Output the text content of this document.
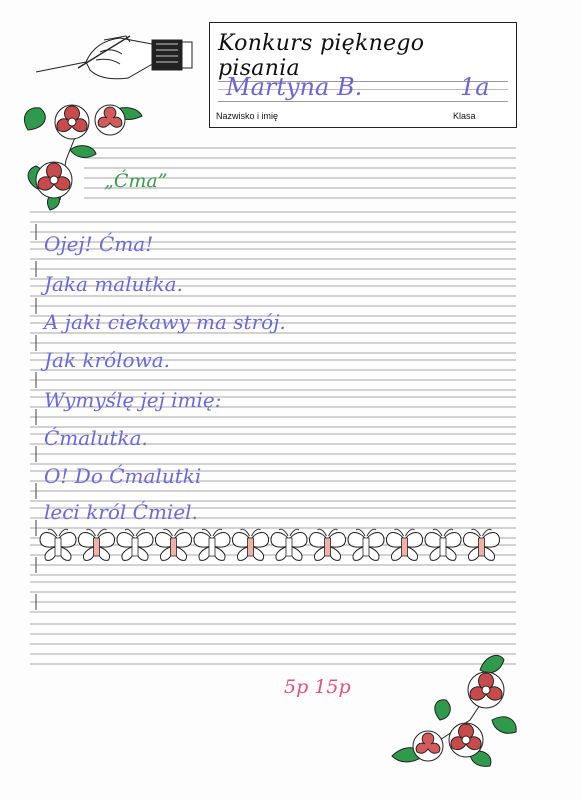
Konkurs pięknego pisania
Martyna B.	1a
Nazwisko i imię	Klasa
„Ćma”
Ojej! Ćma!
Jaka malutka.
A jaki ciekawy ma strój.
Jak królowa.
Wymyślę jej imię:
Ćmalutka.
O! Do Ćmalutki
leci król Ćmiel.
5p 15p
